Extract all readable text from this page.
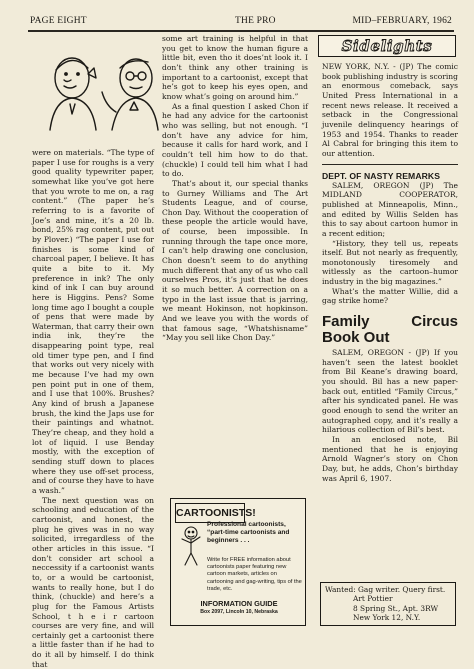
PAGE EIGHT	THE PRO	MID–FEBRUARY, 1962
Sidelights

were on materials. “The type of paper I use for roughs is a very good quality typewriter paper, somewhat like you’ve got here that you wrote to me on, a rag content.” (The paper he’s referring to is a favorite of Joe’s and mine, it’s a 20 lb. bond, 25% rag content, put out by Plover.) “The paper I use for finishes is some kind of charcoal paper, I believe. It has quite a bite to it. My preference in ink? The only kind of ink I can buy around here is Higgins. Pens? Some long time ago I bought a couple of pens that were made by Waterman, that carry their own india ink, they’re the disappearing point type, real old timer type pen, and I find that works out very nicely with me because I’ve had my own pen point put in one of them, and I use that 100%. Brushes? Any kind of brush a Japanese brush, the kind the Japs use for their paintings and whatnot. They’re cheap, and they hold a lot of liquid. I use Benday mostly, with the exception of sending stuff down to places where they use off-set process, and of course they have to have a wash.”

The next question was on schooling and education of the cartoonist, and honest, the plug he gives was in no way solicited, irregardless of the other articles in this issue. “I don’t consider art school a neccessity if a cartoonist wants to, or a would be cartoonist, wants to really hone, but I do think, (chuckle) and here’s a plug for the Famous Artists School, t h e i r cartoon courses are very fine, and will certainly get a cartoonist there a little faster than if he had to do it all by himself. I do think that

some art training is helpful in that you get to know the human figure a little bit, even tho it does’nt look it. I don’t think any other training is important to a cartoonist, except that he’s got to keep his eyes open, and know what’s going on around him.”

As a final question I asked Chon if he had any advice for the cartoonist who was selling, but not enough. “I don’t have any advice for him, because it calls for hard work, and I couldn’t tell him how to do that. (chuckle) I could tell him what I had to do.

That’s about it, our special thanks to Gurney Williams and The Art Students League, and of course, Chon Day. Without the cooperation of these people the article would have, of course, been impossible. In running through the tape once more, I can’t help drawing one conclusion, Chon doesn’t seem to do anything much different that any of us who call ourselves Pros, it’s just that he does it so much better. A correction on a typo in the last issue that is jarring, we meant Hokinson, not hopkinson. And we leave you with the words of that famous sage, “Whatshisname” “May you sell like Chon Day.”

NEW YORK, N.Y. - (JP) The comic book publishing industry is scoring an enormous comeback, says United Press International in a recent news release. It received a setback in the Congressional juvenile delinquency hearings of 1953 and 1954. Thanks to reader Al Cabral for bringing this item to our attention.

DEPT. OF NASTY REMARKS

SALEM, OREGON (JP) The MIDLAND COOPERATOR, published at Minneapolis, Minn., and edited by Willis Selden has this to say about cartoon humor in a recent edition;

“History, they tell us, repeats itself. But not nearly as frequently, monotonously tiresomely and witlessly as the cartoon–humor industry in the big magazines.”

What’s the matter Willie, did a gag strike home?

Family Circus Book Out

SALEM, OREGON - (JP) If you haven’t seen the latest booklet from Bil Keane’s drawing board, you should. Bil has a new paper-back out, entitled “Family Circus,” after his syndicated panel. He was good enough to send the writer an autographed copy, and it’s really a hilarious collection of Bil’s best.

In an enclosed note, Bil mentioned that he is enjoying Arnold Wagner’s story on Chon Day, but, he adds, Chon’s birthday was April 6, 1907.

CARTOONISTS!
Professional cartoonists, “part-time cartoonists and beginners . . .
Write for FREE information about cartoonists paper featuring new cartoon markets, articles on cartooning and gag-writing, tips of the trade, etc.
INFORMATION GUIDE
Box 2097, Lincoln 10, Nebraska
Wanted: Gag writer. Query first.
Art Pottier
8 Spring St., Apt. 3RW
New York 12, N.Y.
